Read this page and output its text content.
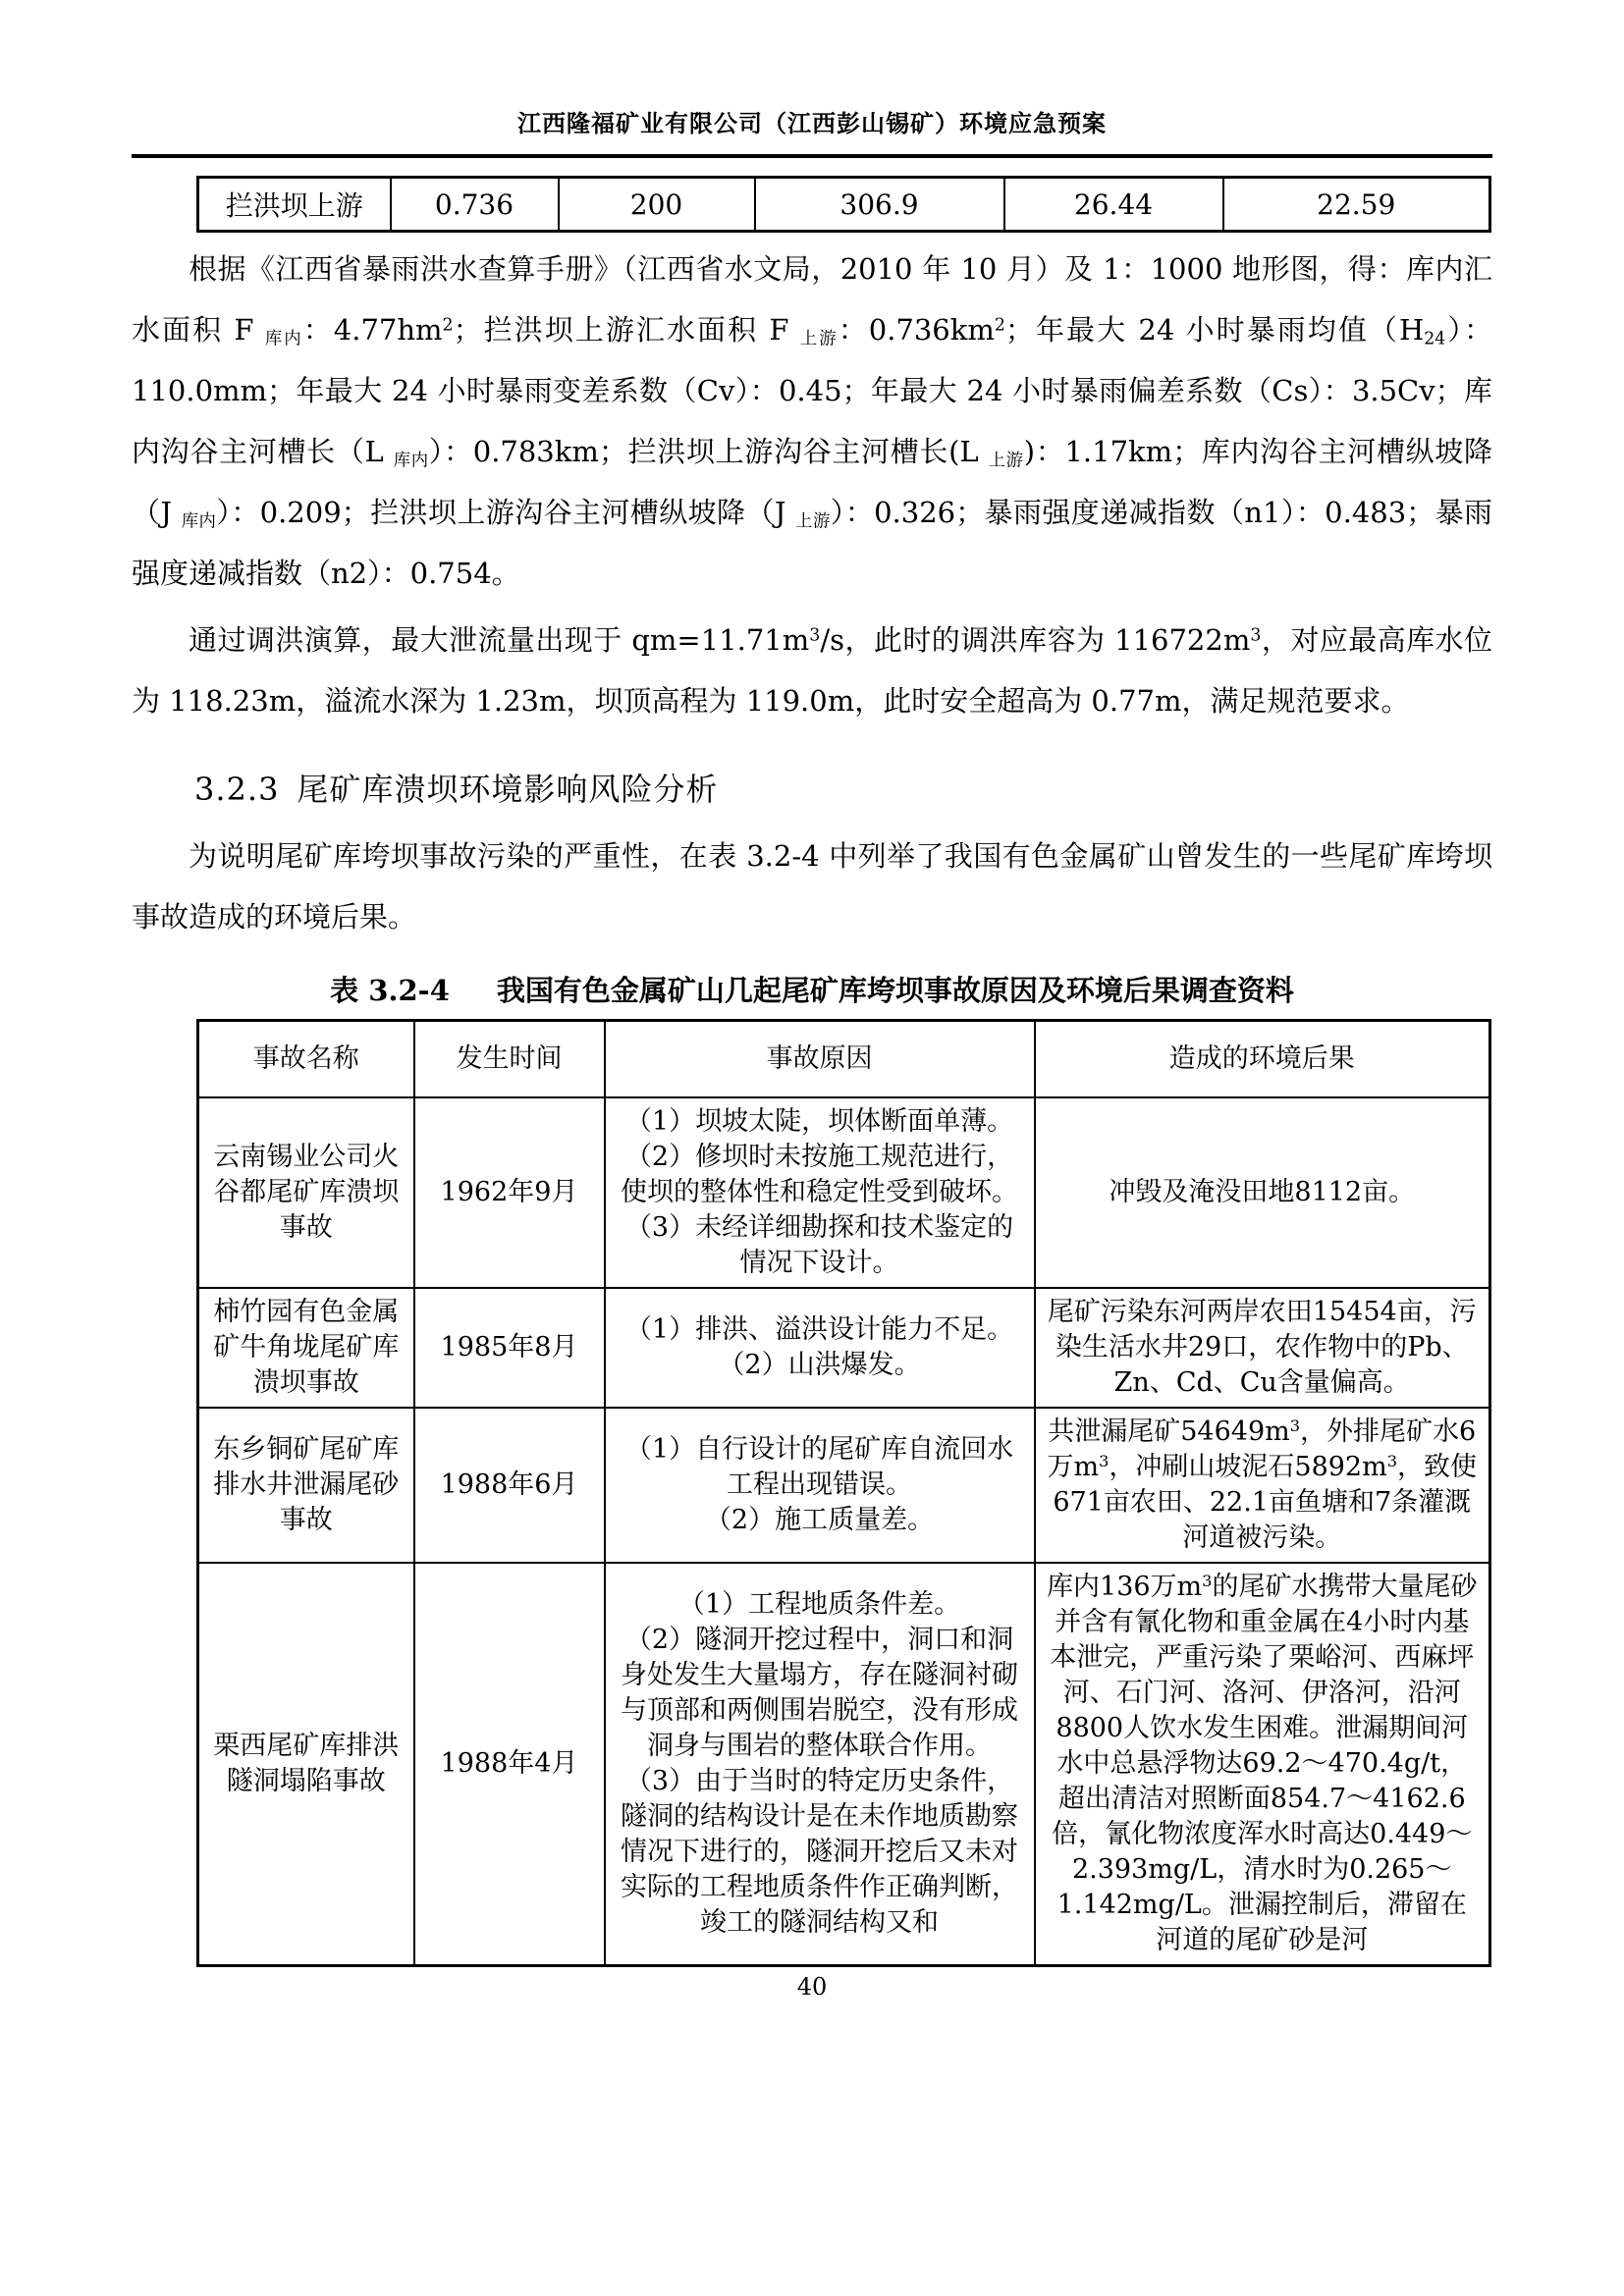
江西隆福矿业有限公司（江西彭山锡矿）环境应急预案
拦洪坝上游	0.736	200	306.9	26.44	22.59

根据《江西省暴雨洪水查算手册》（江西省水文局，2010 年 10 月）及 1：1000 地形图，得：库内汇水面积 F $_{库内}$：$4.77hm^2$；拦洪坝上游汇水面积 F $_{上游}$：$0.736km^2$；年最大 24 小时暴雨均值$(H_{24})$：110.0mm；年最大 24 小时暴雨变差系数（Cv）：0.45；年最大 24 小时暴雨偏差系数（Cs）：3.5Cv；库内沟谷主河槽长（L $_{库内}$）：0.783km；拦洪坝上游沟谷主河槽长(L $_{上游}$)：1.17km；库内沟谷主河槽纵坡降（J $_{库内}$）：0.209；拦洪坝上游沟谷主河槽纵坡降（J $_{上游}$）：0.326；暴雨强度递减指数（n1）：0.483；暴雨强度递减指数（n2）：0.754。

通过调洪演算，最大泄流量出现于 $qm=11.71m^3/s$，此时的调洪库容为 $116722m^3$，对应最高库水位为 118.23m，溢流水深为 1.23m，坝顶高程为 119.0m，此时安全超高为 0.77m，满足规范要求。

3.2.3 尾矿库溃坝环境影响风险分析

为说明尾矿库垮坝事故污染的严重性，在表 3.2-4 中列举了我国有色金属矿山曾发生的一些尾矿库垮坝事故造成的环境后果。

表 3.2-4 我国有色金属矿山几起尾矿库垮坝事故原因及环境后果调查资料
事故名称	发生时间	事故原因	造成的环境后果
云南锡业公司火谷都尾矿库溃坝事故	1962年9月	（1）坝坡太陡，坝体断面单薄。
（2）修坝时未按施工规范进行，使坝的整体性和稳定性受到破坏。
（3）未经详细勘探和技术鉴定的情况下设计。	冲毁及淹没田地8112亩。
柿竹园有色金属矿牛角垅尾矿库溃坝事故	1985年8月	（1）排洪、溢洪设计能力不足。
（2）山洪爆发。	尾矿污染东河两岸农田15454亩，污染生活水井29口，农作物中的Pb、Zn、Cd、Cu含量偏高。
东乡铜矿尾矿库排水井泄漏尾砂事故	1988年6月	（1）自行设计的尾矿库自流回水工程出现错误。
（2）施工质量差。	共泄漏尾矿$54649m^3$，外排尾矿水6万$m^3$，冲刷山坡泥石$5892m^3$，致使671亩农田、22.1亩鱼塘和7条灌溉河道被污染。
栗西尾矿库排洪隧洞塌陷事故	1988年4月	（1）工程地质条件差。
（2）隧洞开挖过程中，洞口和洞身处发生大量塌方，存在隧洞衬砌与顶部和两侧围岩脱空，没有形成洞身与围岩的整体联合作用。
（3）由于当时的特定历史条件，隧洞的结构设计是在未作地质勘察情况下进行的，隧洞开挖后又未对实际的工程地质条件作正确判断，竣工的隧洞结构又和	库内136万$m^3$的尾矿水携带大量尾砂并含有氰化物和重金属在4小时内基本泄完，严重污染了栗峪河、西麻坪河、石门河、洛河、伊洛河，沿河8800人饮水发生困难。泄漏期间河水中总悬浮物达69.2～470.4g/t，超出清洁对照断面854.7～4162.6倍，氰化物浓度浑水时高达0.449～2.393mg/L，清水时为0.265～1.142mg/L。泄漏控制后，滞留在河道的尾矿砂是河
40
